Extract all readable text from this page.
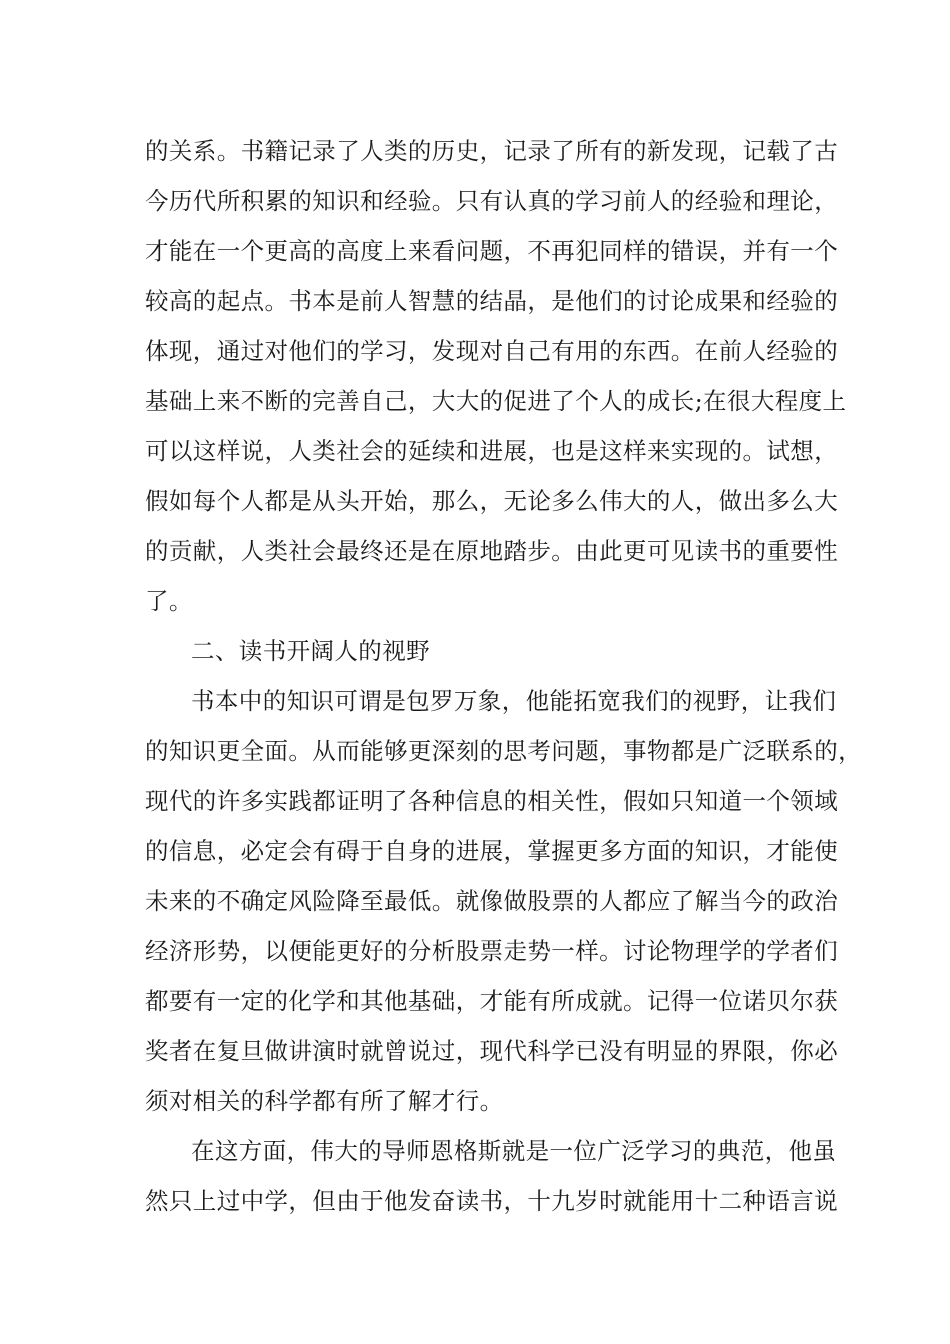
的关系。书籍记录了人类的历史，记录了所有的新发现，记载了古
今历代所积累的知识和经验。只有认真的学习前人的经验和理论，
才能在一个更高的高度上来看问题，不再犯同样的错误，并有一个
较高的起点。书本是前人智慧的结晶，是他们的讨论成果和经验的
体现，通过对他们的学习，发现对自己有用的东西。在前人经验的
基础上来不断的完善自己，大大的促进了个人的成长;在很大程度上
可以这样说，人类社会的延续和进展，也是这样来实现的。试想，
假如每个人都是从头开始，那么，无论多么伟大的人，做出多么大
的贡献，人类社会最终还是在原地踏步。由此更可见读书的重要性
了。
二、读书开阔人的视野
书本中的知识可谓是包罗万象，他能拓宽我们的视野，让我们
的知识更全面。从而能够更深刻的思考问题，事物都是广泛联系的，
现代的许多实践都证明了各种信息的相关性，假如只知道一个领域
的信息，必定会有碍于自身的进展，掌握更多方面的知识，才能使
未来的不确定风险降至最低。就像做股票的人都应了解当今的政治
经济形势，以便能更好的分析股票走势一样。讨论物理学的学者们
都要有一定的化学和其他基础，才能有所成就。记得一位诺贝尔获
奖者在复旦做讲演时就曾说过，现代科学已没有明显的界限，你必
须对相关的科学都有所了解才行。
在这方面，伟大的导师恩格斯就是一位广泛学习的典范，他虽
然只上过中学，但由于他发奋读书，十九岁时就能用十二种语言说
